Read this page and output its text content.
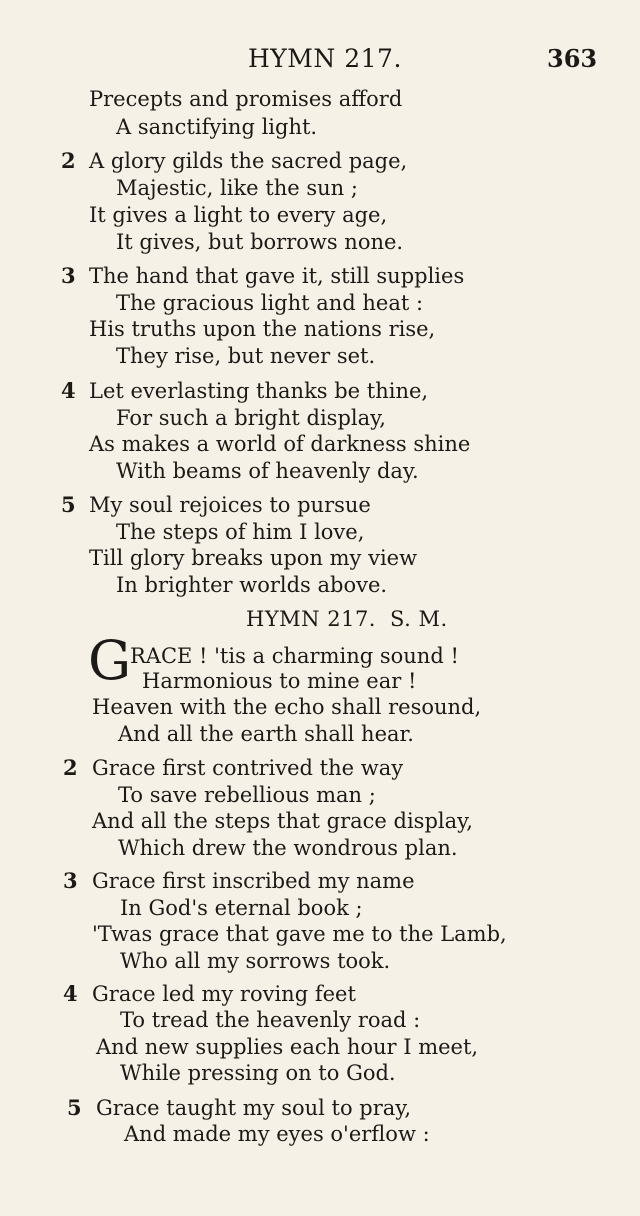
HYMN 217.	363
Precepts and promises afford
A sanctifying light.
2 A glory gilds the sacred page,
Majestic, like the sun ;
It gives a light to every age,
It gives, but borrows none.
3 The hand that gave it, still supplies
The gracious light and heat :
His truths upon the nations rise,
They rise, but never set.
4 Let everlasting thanks be thine,
For such a bright display,
As makes a world of darkness shine
With beams of heavenly day.
5 My soul rejoices to pursue
The steps of him I love,
Till glory breaks upon my view
In brighter worlds above.
HYMN 217. S. M.
G
RACE ! 'tis a charming sound !
Harmonious to mine ear !
Heaven with the echo shall resound,
And all the earth shall hear.
2 Grace first contrived the way
To save rebellious man ;
And all the steps that grace display,
Which drew the wondrous plan.
3 Grace first inscribed my name
In God's eternal book ;
'Twas grace that gave me to the Lamb,
Who all my sorrows took.
4 Grace led my roving feet
To tread the heavenly road :
And new supplies each hour I meet,
While pressing on to God.
5 Grace taught my soul to pray,
And made my eyes o'erflow :
